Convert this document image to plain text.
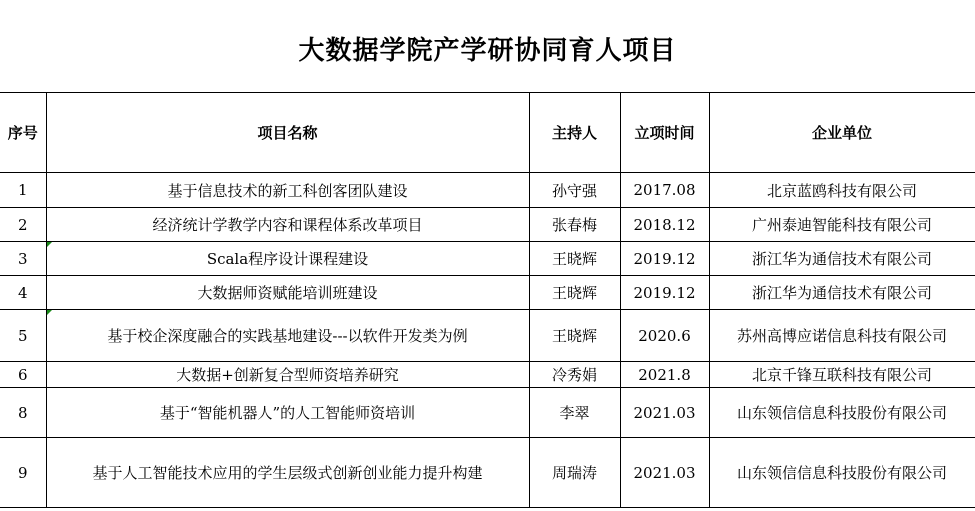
大数据学院产学研协同育人项目
序号	项目名称	主持人	立项时间	企业单位
1	基于信息技术的新工科创客团队建设	孙守强	2017.08	北京蓝鸥科技有限公司
2	经济统计学教学内容和课程体系改革项目	张春梅	2018.12	广州泰迪智能科技有限公司
3	Scala程序设计课程建设	王晓辉	2019.12	浙江华为通信技术有限公司
4	大数据师资赋能培训班建设	王晓辉	2019.12	浙江华为通信技术有限公司
5	基于校企深度融合的实践基地建设---以软件开发类为例	王晓辉	2020.6	苏州高博应诺信息科技有限公司
6	大数据+创新复合型师资培养研究	冷秀娟	2021.8	北京千锋互联科技有限公司
8	基于“智能机器人”的人工智能师资培训	李翠	2021.03	山东领信信息科技股份有限公司
9	基于人工智能技术应用的学生层级式创新创业能力提升构建	周瑞涛	2021.03	山东领信信息科技股份有限公司
